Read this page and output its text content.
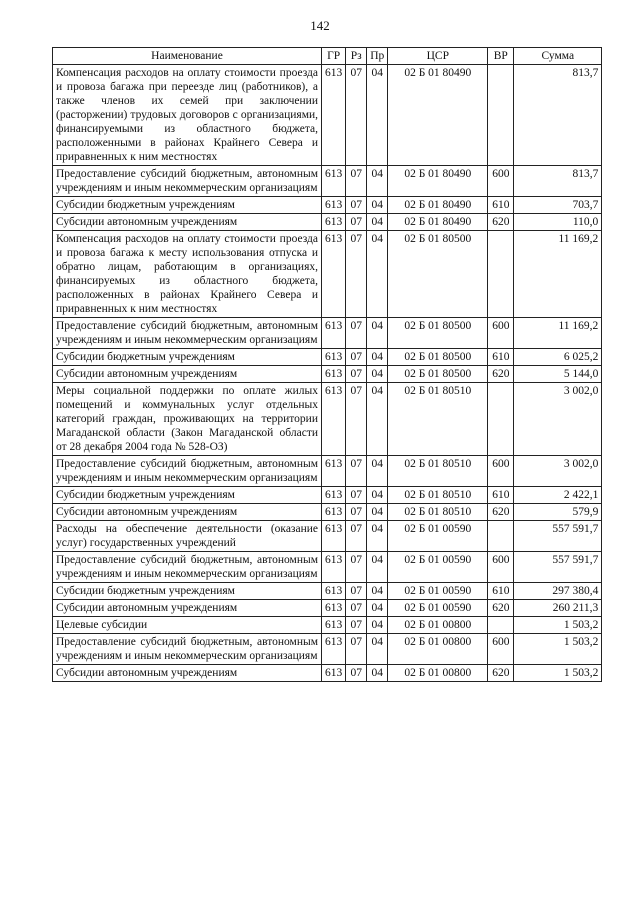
142
Наименование	ГР	Рз	Пр	ЦСР	ВР	Сумма
Компенсация расходов на оплату стоимости проезда и провоза багажа при переезде лиц (работников), а также членов их семей при заключении (расторжении) трудовых договоров с организациями, финансируемыми из областного бюджета, расположенными в районах Крайнего Севера и приравненных к ним местностях	613	07	04	02 Б 01 80490		813,7
Предоставление субсидий бюджетным, автономным учреждениям и иным некоммерческим организациям	613	07	04	02 Б 01 80490	600	813,7
Субсидии бюджетным учреждениям	613	07	04	02 Б 01 80490	610	703,7
Субсидии автономным учреждениям	613	07	04	02 Б 01 80490	620	110,0
Компенсация расходов на оплату стоимости проезда и провоза багажа к месту использования отпуска и обратно лицам, работающим в организациях, финансируемых из областного бюджета, расположенных в районах Крайнего Севера и приравненных к ним местностях	613	07	04	02 Б 01 80500		11 169,2
Предоставление субсидий бюджетным, автономным учреждениям и иным некоммерческим организациям	613	07	04	02 Б 01 80500	600	11 169,2
Субсидии бюджетным учреждениям	613	07	04	02 Б 01 80500	610	6 025,2
Субсидии автономным учреждениям	613	07	04	02 Б 01 80500	620	5 144,0
Меры социальной поддержки по оплате жилых помещений и коммунальных услуг отдельных категорий граждан, проживающих на территории Магаданской области (Закон Магаданской области от 28 декабря 2004 года № 528-ОЗ)	613	07	04	02 Б 01 80510		3 002,0
Предоставление субсидий бюджетным, автономным учреждениям и иным некоммерческим организациям	613	07	04	02 Б 01 80510	600	3 002,0
Субсидии бюджетным учреждениям	613	07	04	02 Б 01 80510	610	2 422,1
Субсидии автономным учреждениям	613	07	04	02 Б 01 80510	620	579,9
Расходы на обеспечение деятельности (оказание услуг) государственных учреждений	613	07	04	02 Б 01 00590		557 591,7
Предоставление субсидий бюджетным, автономным учреждениям и иным некоммерческим организациям	613	07	04	02 Б 01 00590	600	557 591,7
Субсидии бюджетным учреждениям	613	07	04	02 Б 01 00590	610	297 380,4
Субсидии автономным учреждениям	613	07	04	02 Б 01 00590	620	260 211,3
Целевые субсидии	613	07	04	02 Б 01 00800		1 503,2
Предоставление субсидий бюджетным, автономным учреждениям и иным некоммерческим организациям	613	07	04	02 Б 01 00800	600	1 503,2
Субсидии автономным учреждениям	613	07	04	02 Б 01 00800	620	1 503,2
